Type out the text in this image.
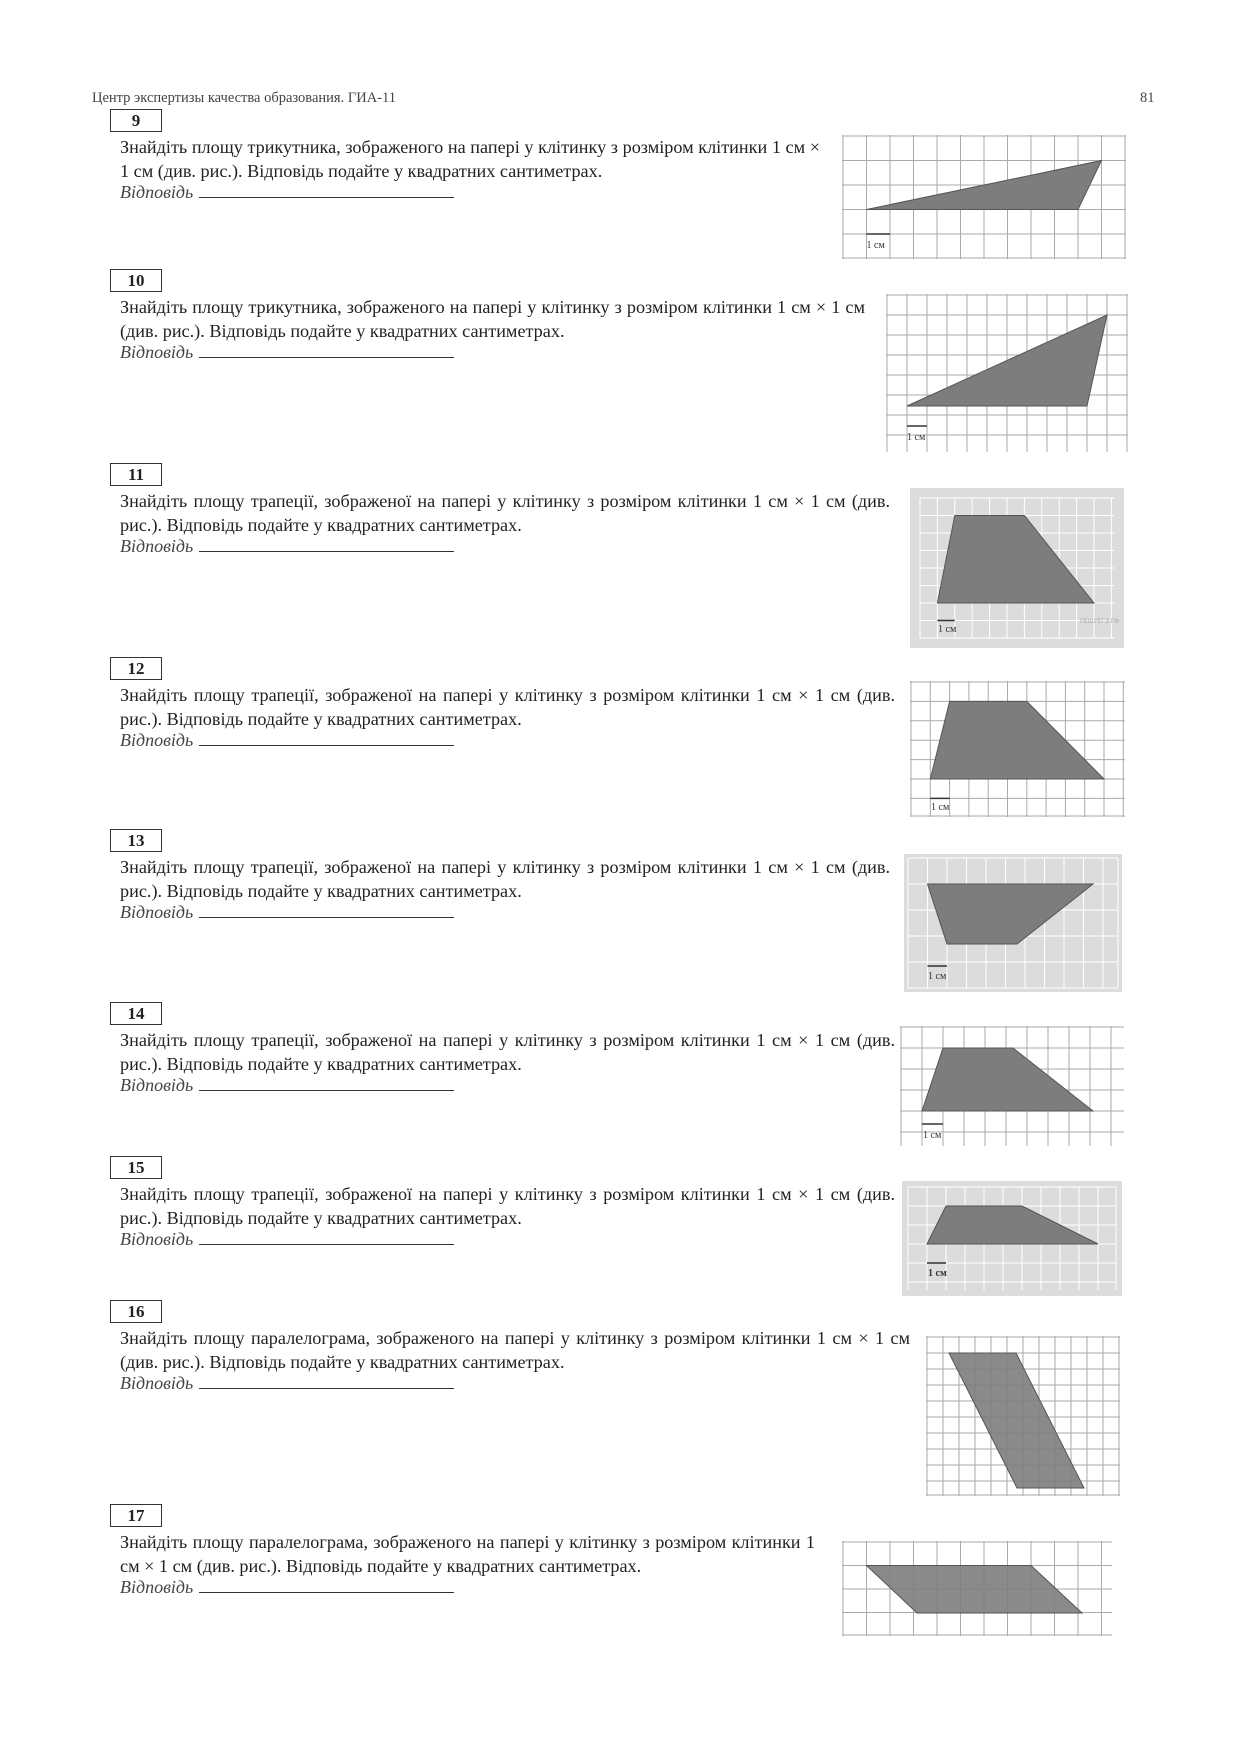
Центр экспертизы качества образования. ГИА-11	81
9
Знайдіть площу трикутника, зображеного на папері у клітинку з розміром клітинки 1 см × 1 см (див. рис.). Відповідь подайте у квадратних сантиметрах.
Відповідь
1 см
10
Знайдіть площу трикутника, зображеного на папері у клітинку з розміром клітинки 1 см × 1 см (див. рис.). Відповідь подайте у квадратних сантиметрах.
Відповідь
1 см
11
Знайдіть площу трапеції, зображеної на папері у клітинку з розміром клітинки 1 см × 1 см (див. рис.). Відповідь подайте у квадратних сантиметрах.
Відповідь
1 см
РЕШУЕГЭ.РФ
12
Знайдіть площу трапеції, зображеної на папері у клітинку з розміром клітинки 1 см × 1 см (див. рис.). Відповідь подайте у квадратних сантиметрах.
Відповідь
1 см
13
Знайдіть площу трапеції, зображеної на папері у клітинку з розміром клітинки 1 см × 1 см (див. рис.). Відповідь подайте у квадратних сантиметрах.
Відповідь
1 см
14
Знайдіть площу трапеції, зображеної на папері у клітинку з розміром клітинки 1 см × 1 см (див. рис.). Відповідь подайте у квадратних сантиметрах.
Відповідь
1 см
15
Знайдіть площу трапеції, зображеної на папері у клітинку з розміром клітинки 1 см × 1 см (див. рис.). Відповідь подайте у квадратних сантиметрах.
Відповідь
1 см
16
Знайдіть площу паралелограма, зображеного на папері у клітинку з розміром клітинки 1 см × 1 см (див. рис.). Відповідь подайте у квадратних сантиметрах.
Відповідь
17
Знайдіть площу паралелограма, зображеного на папері у клітинку з розміром клітинки 1 см × 1 см (див. рис.). Відповідь подайте у квадратних сантиметрах.
Відповідь
